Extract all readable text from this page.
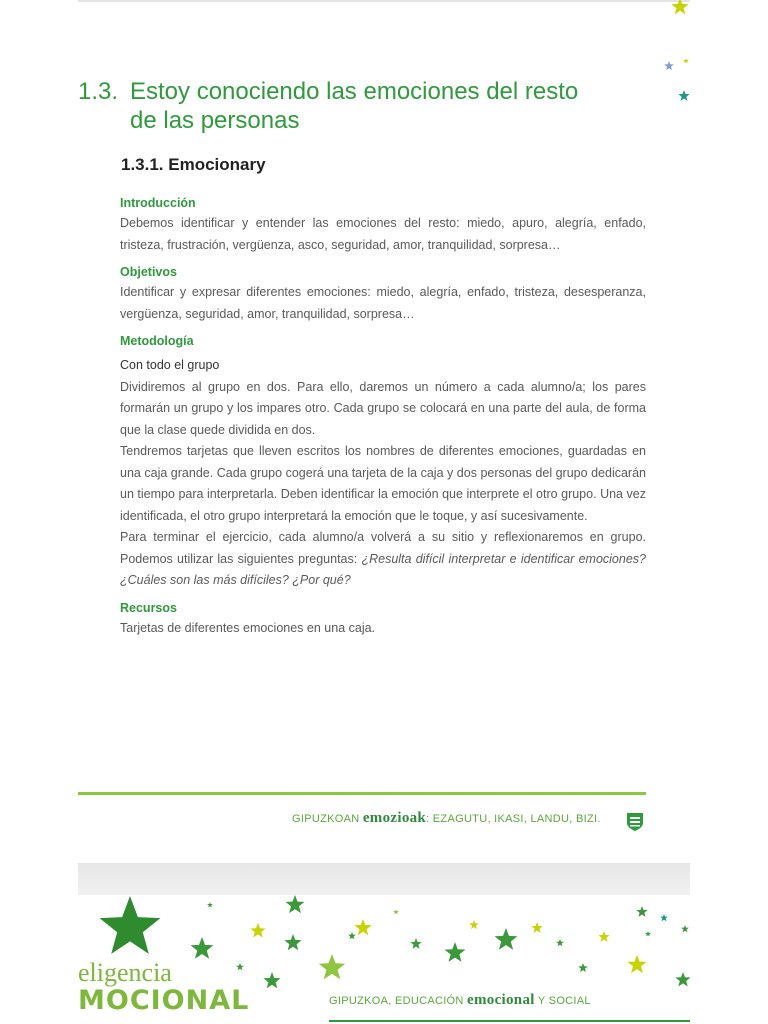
1.3. Estoy conociendo las emociones del resto
de las personas
1.3.1. Emocionary
Introducción

Debemos identificar y entender las emociones del resto: miedo, apuro, alegría, enfado, tristeza, frustración, vergüenza, asco, seguridad, amor, tranquilidad, sorpresa…

Objetivos

Identificar y expresar diferentes emociones: miedo, alegría, enfado, tristeza, desesperanza, vergüenza, seguridad, amor, tranquilidad, sorpresa…

Metodología

Con todo el grupo

Dividiremos al grupo en dos. Para ello, daremos un número a cada alumno/a; los pares formarán un grupo y los impares otro. Cada grupo se colocará en una parte del aula, de forma que la clase quede dividida en dos.

Tendremos tarjetas que lleven escritos los nombres de diferentes emociones, guardadas en una caja grande. Cada grupo cogerá una tarjeta de la caja y dos personas del grupo dedicarán un tiempo para interpretarla. Deben identificar la emoción que interprete el otro grupo. Una vez identificada, el otro grupo interpretará la emoción que le toque, y así sucesivamente.

Para terminar el ejercicio, cada alumno/a volverá a su sitio y reflexionaremos en grupo. Podemos utilizar las siguientes preguntas: ¿Resulta difícil interpretar e identificar emociones? ¿Cuáles son las más difíciles? ¿Por qué?

Recursos

Tarjetas de diferentes emociones en una caja.

GIPUZKOAN emozioak: EZAGUTU, IKASI, LANDU, BIZI.
eligencia
MOCIONAL	GIPUZKOA, EDUCACIÓN emocional Y SOCIAL
